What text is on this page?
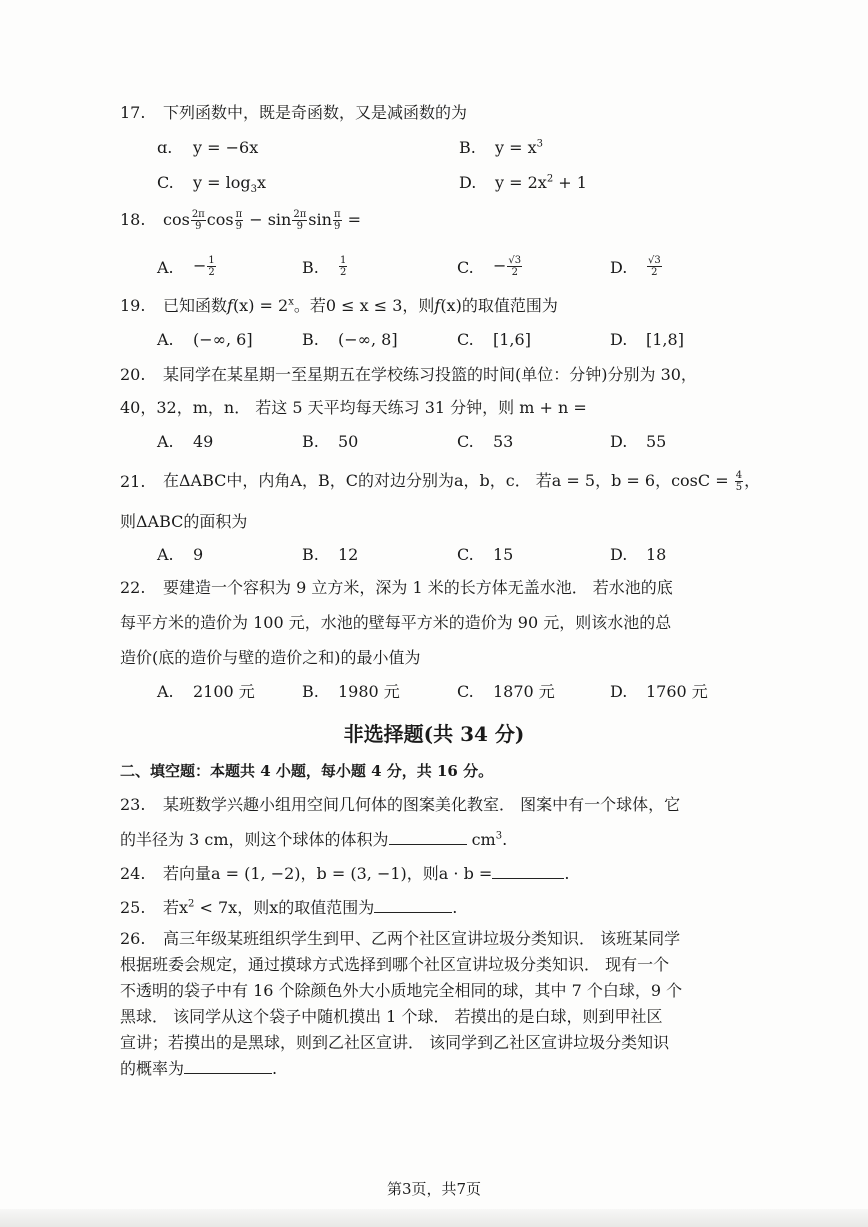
17. 下列函数中，既是奇函数，又是减函数的为
ɑ. y = −6x	B. $y = x^3$
C. $y = \log_3x$	D. $y = 2x^2 + 1$
18. $\cos \frac{2\pi}{9}$ $\cos \frac{\pi}{9} - \sin \frac{2\pi}{9}$ $\sin \frac{\pi}{9}$ =
A. − $\frac{1}{2}$	B. $\frac{1}{2}$	C. − $\frac{√3}{2}$	D. $\frac{√3}{2}$
19. 已知函数$f(x) = 2^x$。若0 ≤ x ≤ 3，则f(x)的取值范围为
A. (−∞, 6]	B. (−∞, 8]	C. [1,6]	D. [1,8]
20. 某同学在某星期一至星期五在学校练习投篮的时间(单位：分钟)分别为 30，
40，32，m，n． 若这 5 天平均每天练习 31 分钟，则 m + n =
A. 49	B. 50	C. 53	D. 55
21. 在ΔABC中，内角A，B，C的对边分别为a，b，c． 若a = 5，b = 6，$\cos C = \frac{4}{5}$ ，
则ΔABC的面积为
A. 9	B. 12	C. 15	D. 18
22. 要建造一个容积为 9 立方米，深为 1 米的长方体无盖水池． 若水池的底
每平方米的造价为 100 元，水池的壁每平方米的造价为 90 元，则该水池的总
造价(底的造价与壁的造价之和)的最小值为
A. 2100 元	B. 1980 元	C. 1870 元	D. 1760 元
非选择题(共 34 分)
二、填空题：本题共 4 小题，每小题 4 分，共 16 分。
23. 某班数学兴趣小组用空间几何体的图案美化教室． 图案中有一个球体，它
的半径为 3 cm，则这个球体的体积为	$cm^3$.
24. 若向量a = (1, −2)，b = (3, −1)，则a · b =	.
25. 若$x^2 < 7x$，则x的取值范围为	.
26. 高三年级某班组织学生到甲、乙两个社区宣讲垃圾分类知识． 该班某同学
根据班委会规定，通过摸球方式选择到哪个社区宣讲垃圾分类知识． 现有一个
不透明的袋子中有 16 个除颜色外大小质地完全相同的球，其中 7 个白球，9 个
黑球． 该同学从这个袋子中随机摸出 1 个球． 若摸出的是白球，则到甲社区
宣讲；若摸出的是黑球，则到乙社区宣讲． 该同学到乙社区宣讲垃圾分类知识
的概率为	.
第3页，共7页
